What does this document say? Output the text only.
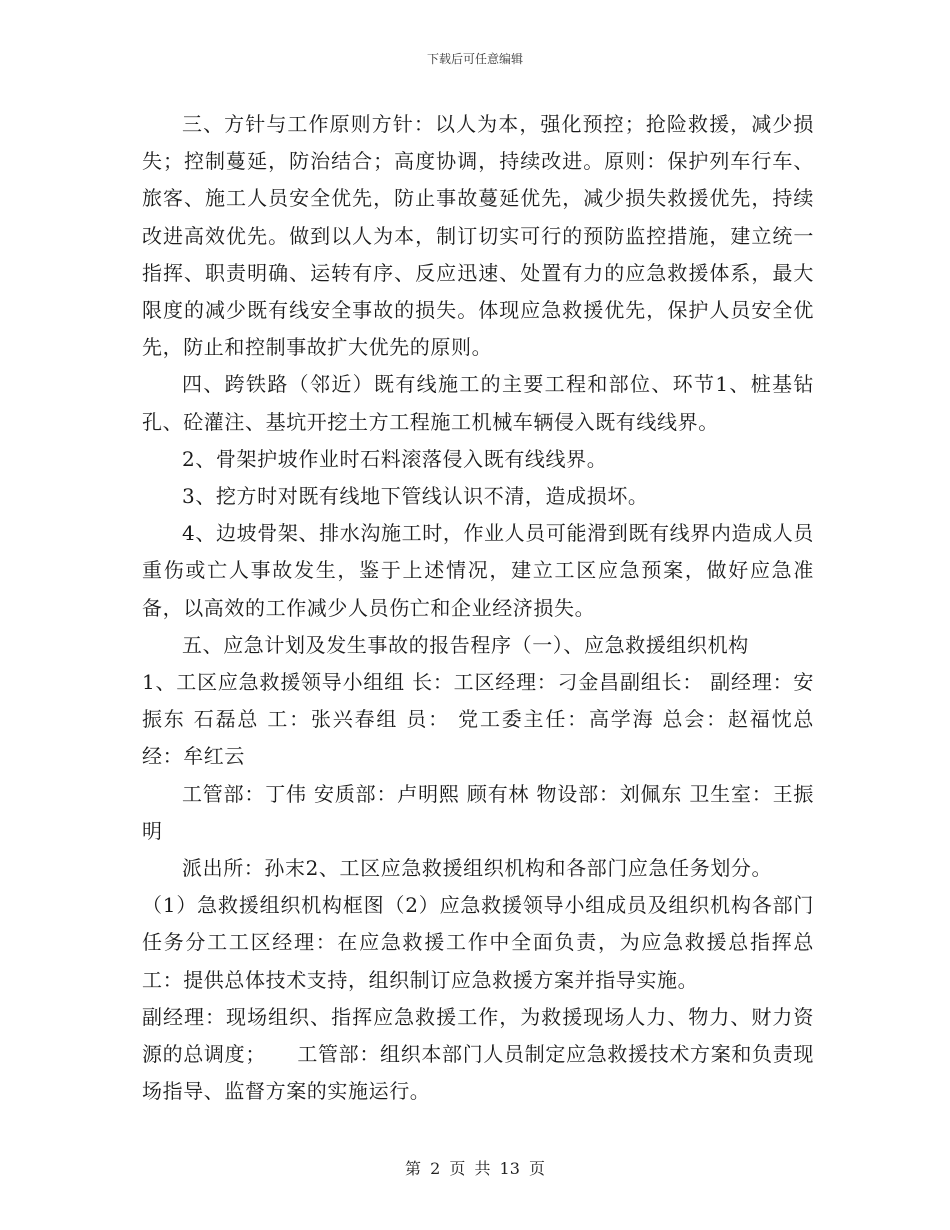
下载后可任意编辑

三、方针与工作原则方针：以人为本，强化预控；抢险救援，减少损失；控制蔓延，防治结合；高度协调，持续改进。原则：保护列车行车、旅客、施工人员安全优先，防止事故蔓延优先，减少损失救援优先，持续改进高效优先。做到以人为本，制订切实可行的预防监控措施，建立统一指挥、职责明确、运转有序、反应迅速、处置有力的应急救援体系，最大限度的减少既有线安全事故的损失。体现应急救援优先，保护人员安全优先，防止和控制事故扩大优先的原则。

四、跨铁路（邻近）既有线施工的主要工程和部位、环节1、桩基钻孔、砼灌注、基坑开挖土方工程施工机械车辆侵入既有线线界。

2、骨架护坡作业时石料滚落侵入既有线线界。

3、挖方时对既有线地下管线认识不清，造成损坏。

4、边坡骨架、排水沟施工时，作业人员可能滑到既有线界内造成人员重伤或亡人事故发生，鉴于上述情况，建立工区应急预案，做好应急准备，以高效的工作减少人员伤亡和企业经济损失。

五、应急计划及发生事故的报告程序（一）、应急救援组织机构

1、工区应急救援领导小组组 长：工区经理：刁金昌副组长： 副经理：安振东 石磊总 工：张兴春组 员： 党工委主任：高学海 总会：赵福忱总经：牟红云

工管部：丁伟 安质部：卢明熙 顾有林 物设部：刘佩东 卫生室：王振明

派出所：孙末2、工区应急救援组织机构和各部门应急任务划分。

（1）急救援组织机构框图（2）应急救援领导小组成员及组织机构各部门任务分工工区经理：在应急救援工作中全面负责，为应急救援总指挥总工：提供总体技术支持，组织制订应急救援方案并指导实施。

副经理：现场组织、指挥应急救援工作，为救援现场人力、物力、财力资源的总调度；　　工管部：组织本部门人员制定应急救援技术方案和负责现场指导、监督方案的实施运行。

第 2 页 共 13 页
